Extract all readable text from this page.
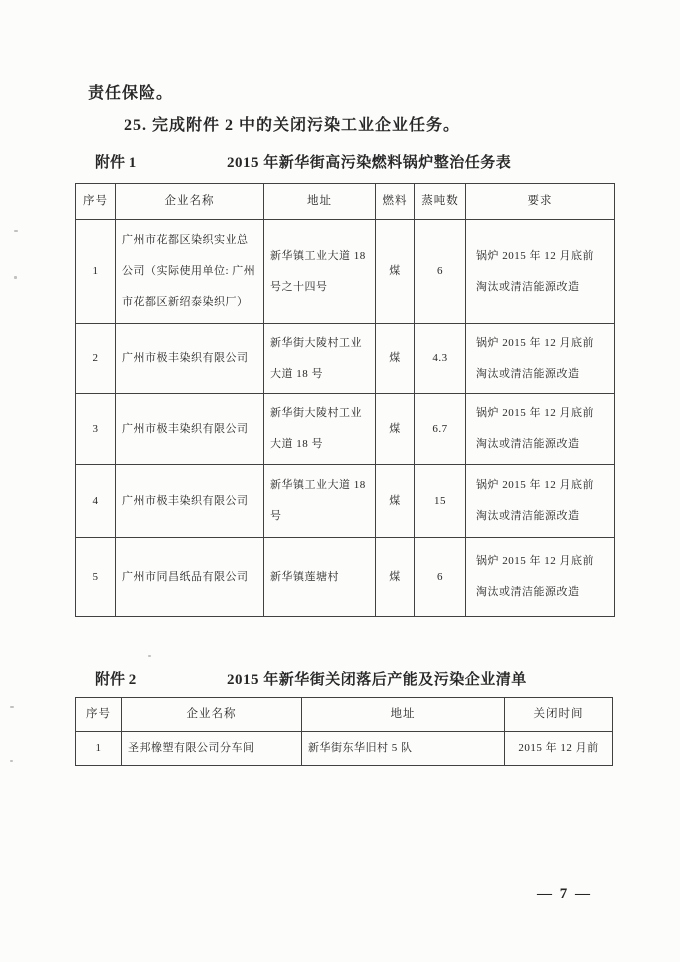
责任保险。
25. 完成附件 2 中的关闭污染工业企业任务。
附件 1	2015 年新华街高污染燃料锅炉整治任务表
序号	企业名称	地址	燃料	蒸吨数	要求
1	广州市花都区染织实业总公司（实际使用单位: 广州市花都区新绍泰染织厂）	新华镇工业大道 18 号之十四号	煤	6	锅炉 2015 年 12 月底前淘汰或清洁能源改造
2	广州市极丰染织有限公司	新华街大陵村工业大道 18 号	煤	4.3	锅炉 2015 年 12 月底前淘汰或清洁能源改造
3	广州市极丰染织有限公司	新华街大陵村工业大道 18 号	煤	6.7	锅炉 2015 年 12 月底前淘汰或清洁能源改造
4	广州市极丰染织有限公司	新华镇工业大道 18 号	煤	15	锅炉 2015 年 12 月底前淘汰或清洁能源改造
5	广州市同昌纸品有限公司	新华镇莲塘村	煤	6	锅炉 2015 年 12 月底前淘汰或清洁能源改造
附件 2	2015 年新华街关闭落后产能及污染企业清单
序号	企业名称	地址	关闭时间
1	圣邦橡塑有限公司分车间	新华街东华旧村 5 队	2015 年 12 月前
— 7 —
